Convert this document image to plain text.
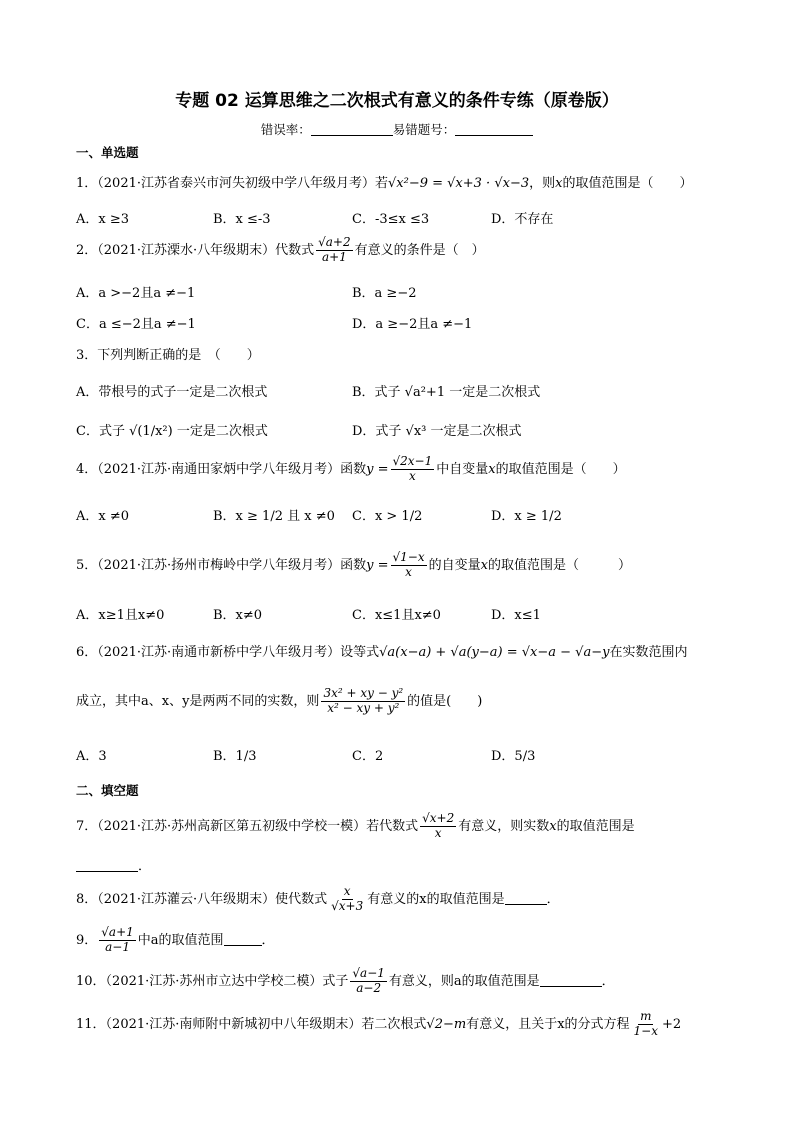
专题 02 运算思维之二次根式有意义的条件专练（原卷版）
错误率：	易错题号：
一、单选题
1．（2021·江苏省泰兴市河失初级中学八年级月考）若√x²−9 = √x+3 · √x−3，则x的取值范围是（　　）
A．x ≥3	B．x ≤-3	C．-3≤x ≤3	D．不存在
2．（2021·江苏溧水·八年级期末）代数式 $\frac{√a+2}{a+1}$ 有意义的条件是（　）
A．a >−2且a ≠−1	B．a ≥−2
C．a ≤−2且a ≠−1	D．a ≥−2且a ≠−1
3．下列判断正确的是　（　　）
A．带根号的式子一定是二次根式	B．式子 √a²+1 一定是二次根式
C．式子 √(1/x²) 一定是二次根式	D．式子 √x³ 一定是二次根式
4．（2021·江苏·南通田家炳中学八年级月考）函数$y = \frac{√2x-1}{x}$ 中自变量x的取值范围是（　　）
A．x ≠0	B．x ≥ 1/2 且 x ≠0 C．x > 1/2	D．x ≥ 1/2
5．（2021·江苏·扬州市梅岭中学八年级月考）函数$y = \frac{√1-x}{x}$ 的自变量x的取值范围是（　　　）
A．x≥1且x≠0	B．x≠0	C．x≤1且x≠0	D．x≤1
6．（2021·江苏·南通市新桥中学八年级月考）设等式√a(x−a) + √a(y−a) = √x−a − √a−y在实数范围内
成立，其中a、x、y是两两不同的实数，则 $\frac{\text{3x² + xy − y²}}{\text{x² − xy + y²}}$ 的值是(　　)
A．3	B．1/3	C．2	D．5/3
二、填空题
7．（2021·江苏·苏州高新区第五初级中学校一模）若代数式 $\frac{√x+2}{x}$ 有意义，则实数x的取值范围是
．
8．（2021·江苏灌云·八年级期末）使代数式 $\frac{x}{√x+3}$ 有意义的x的取值范围是	．
9． $\frac{√a+1}{a-1}$ 中a的取值范围	．
10．（2021·江苏·苏州市立达中学校二模）式子 $\frac{√a-1}{a-2}$ 有意义，则a的取值范围是	．
11．（2021·江苏·南师附中新城初中八年级期末）若二次根式√2−m有意义，且关于x的分式方程 $\frac{m}{1-x} +2$
